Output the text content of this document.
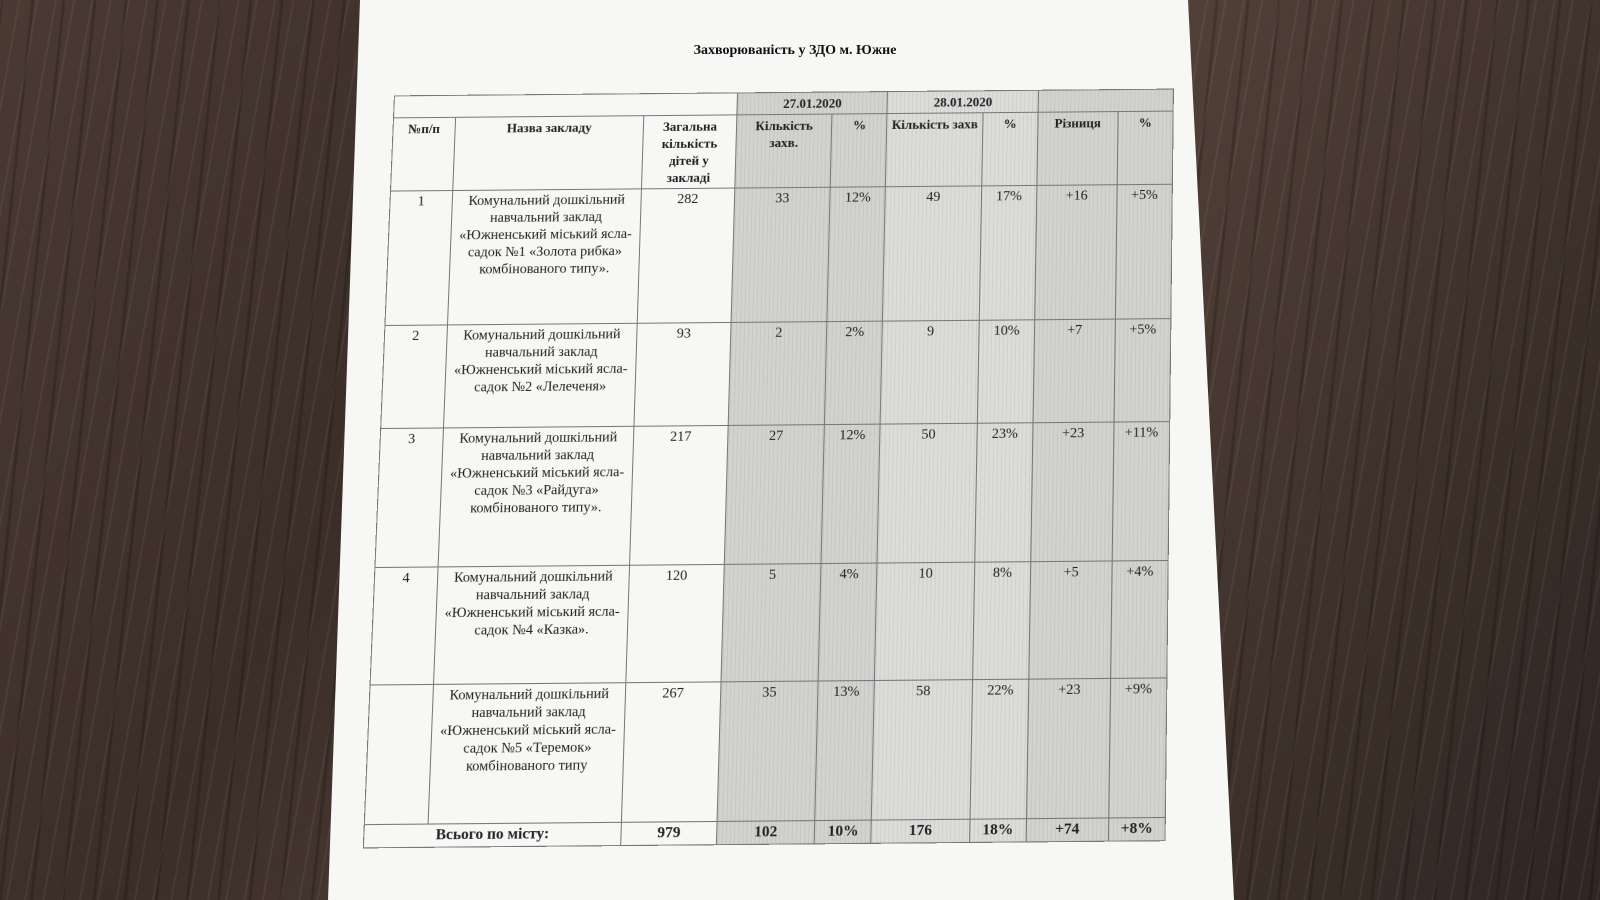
Захворюваність у ЗДО м. Южне
			27.01.2020		28.01.2020			
№п/п	Назва закладу	Загальна кількість дітей у закладі	Кількість захв.	%	Кількість захв	%	Різниця	%
1	Комунальний дошкільний навчальний заклад «Южненський міський ясла-садок №1 «Золота рибка» комбінованого типу».	282	33	12%	49	17%	+16	+5%
2	Комунальний дошкільний навчальний заклад «Южненський міський ясла-садок №2 «Лелеченя»	93	2	2%	9	10%	+7	+5%
3	Комунальний дошкільний навчальний заклад «Южненський міський ясла-садок №3 «Райдуга» комбінованого типу».	217	27	12%	50	23%	+23	+11%
4	Комунальний дошкільний навчальний заклад «Южненський міський ясла-садок №4 «Казка».	120	5	4%	10	8%	+5	+4%
	Комунальний дошкільний навчальний заклад «Южненський міський ясла-садок №5 «Теремок» комбінованого типу	267	35	13%	58	22%	+23	+9%
Всього по місту:		979	102	10%	176	18%	+74	+8%
